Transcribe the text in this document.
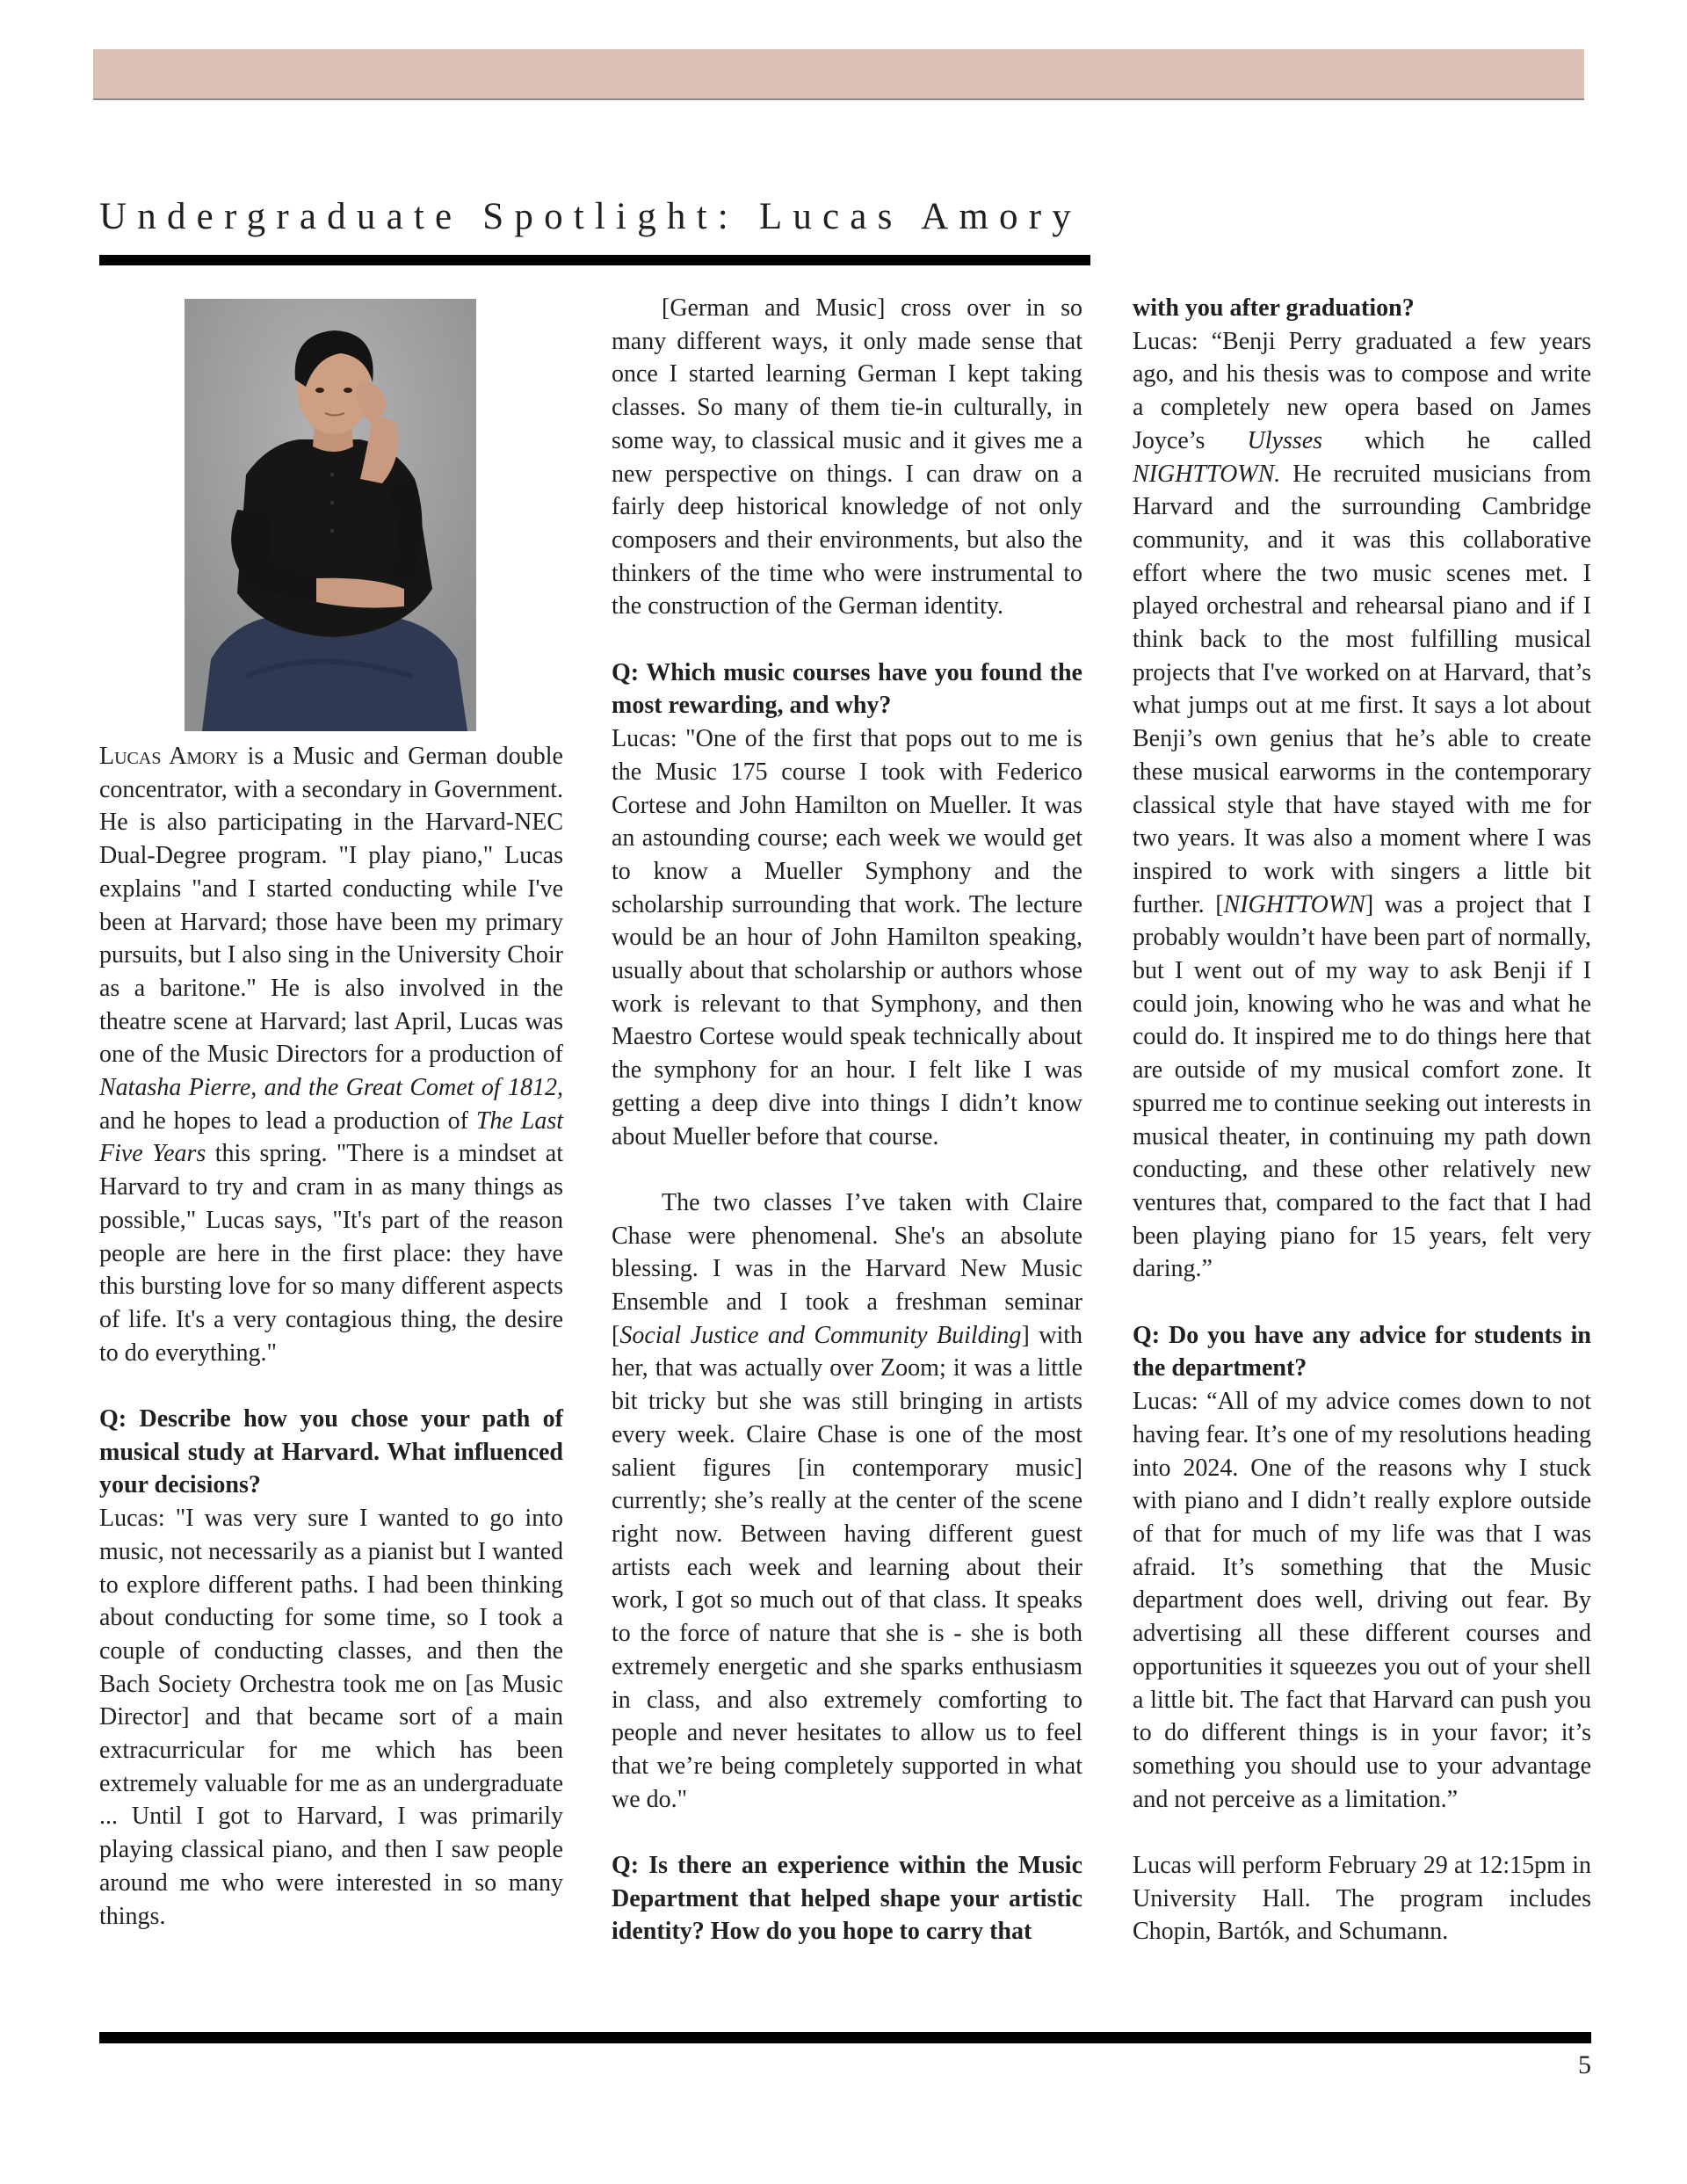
Undergraduate Spotlight: Lucas Amory

Lucas Amory is a Music and German double concentrator, with a secondary in Government. He is also participating in the Harvard-NEC Dual-Degree program. "I play piano," Lucas explains "and I started conducting while I've been at Harvard; those have been my primary pursuits, but I also sing in the University Choir as a baritone." He is also involved in the theatre scene at Harvard; last April, Lucas was one of the Music Directors for a production of Natasha Pierre, and the Great Comet of 1812, and he hopes to lead a production of The Last Five Years this spring. "There is a mindset at Harvard to try and cram in as many things as possible," Lucas says, "It's part of the reason people are here in the first place: they have this bursting love for so many different aspects of life. It's a very contagious thing, the desire to do everything."

Q: Describe how you chose your path of musical study at Harvard. What influenced your decisions?

Lucas: "I was very sure I wanted to go into music, not necessarily as a pianist but I wanted to explore different paths. I had been thinking about conducting for some time, so I took a couple of conducting classes, and then the Bach Society Orchestra took me on [as Music Director] and that became sort of a main extracurricular for me which has been extremely valuable for me as an undergraduate ... Until I got to Harvard, I was primarily playing classical piano, and then I saw people around me who were interested in so many things.

[German and Music] cross over in so many different ways, it only made sense that once I started learning German I kept taking classes. So many of them tie-in culturally, in some way, to classical music and it gives me a new perspective on things. I can draw on a fairly deep historical knowledge of not only composers and their environments, but also the thinkers of the time who were instrumental to the construction of the German identity.

Q: Which music courses have you found the most rewarding, and why?

Lucas: "One of the first that pops out to me is the Music 175 course I took with Federico Cortese and John Hamilton on Mueller. It was an astounding course; each week we would get to know a Mueller Symphony and the scholarship surrounding that work. The lecture would be an hour of John Hamilton speaking, usually about that scholarship or authors whose work is relevant to that Symphony, and then Maestro Cortese would speak technically about the symphony for an hour. I felt like I was getting a deep dive into things I didn’t know about Mueller before that course.

The two classes I’ve taken with Claire Chase were phenomenal. She's an absolute blessing. I was in the Harvard New Music Ensemble and I took a freshman seminar [Social Justice and Community Building] with her, that was actually over Zoom; it was a little bit tricky but she was still bringing in artists every week. Claire Chase is one of the most salient figures [in contemporary music] currently; she’s really at the center of the scene right now. Between having different guest artists each week and learning about their work, I got so much out of that class. It speaks to the force of nature that she is - she is both extremely energetic and she sparks enthusiasm in class, and also extremely comforting to people and never hesitates to allow us to feel that we’re being completely supported in what we do."

Q: Is there an experience within the Music Department that helped shape your artistic identity? How do you hope to carry that

with you after graduation?

Lucas: “Benji Perry graduated a few years ago, and his thesis was to compose and write a completely new opera based on James Joyce’s Ulysses which he called NIGHTTOWN. He recruited musicians from Harvard and the surrounding Cambridge community, and it was this collaborative effort where the two music scenes met. I played orchestral and rehearsal piano and if I think back to the most fulfilling musical projects that I've worked on at Harvard, that’s what jumps out at me first. It says a lot about Benji’s own genius that he’s able to create these musical earworms in the contemporary classical style that have stayed with me for two years. It was also a moment where I was inspired to work with singers a little bit further. [NIGHTTOWN] was a project that I probably wouldn’t have been part of normally, but I went out of my way to ask Benji if I could join, knowing who he was and what he could do. It inspired me to do things here that are outside of my musical comfort zone. It spurred me to continue seeking out interests in musical theater, in continuing my path down conducting, and these other relatively new ventures that, compared to the fact that I had been playing piano for 15 years, felt very daring.”

Q: Do you have any advice for students in the department?

Lucas: “All of my advice comes down to not having fear. It’s one of my resolutions heading into 2024. One of the reasons why I stuck with piano and I didn’t really explore outside of that for much of my life was that I was afraid. It’s something that the Music department does well, driving out fear. By advertising all these different courses and opportunities it squeezes you out of your shell a little bit. The fact that Harvard can push you to do different things is in your favor; it’s something you should use to your advantage and not perceive as a limitation.”

Lucas will perform February 29 at 12:15pm in University Hall. The program includes Chopin, Bartók, and Schumann.

5
